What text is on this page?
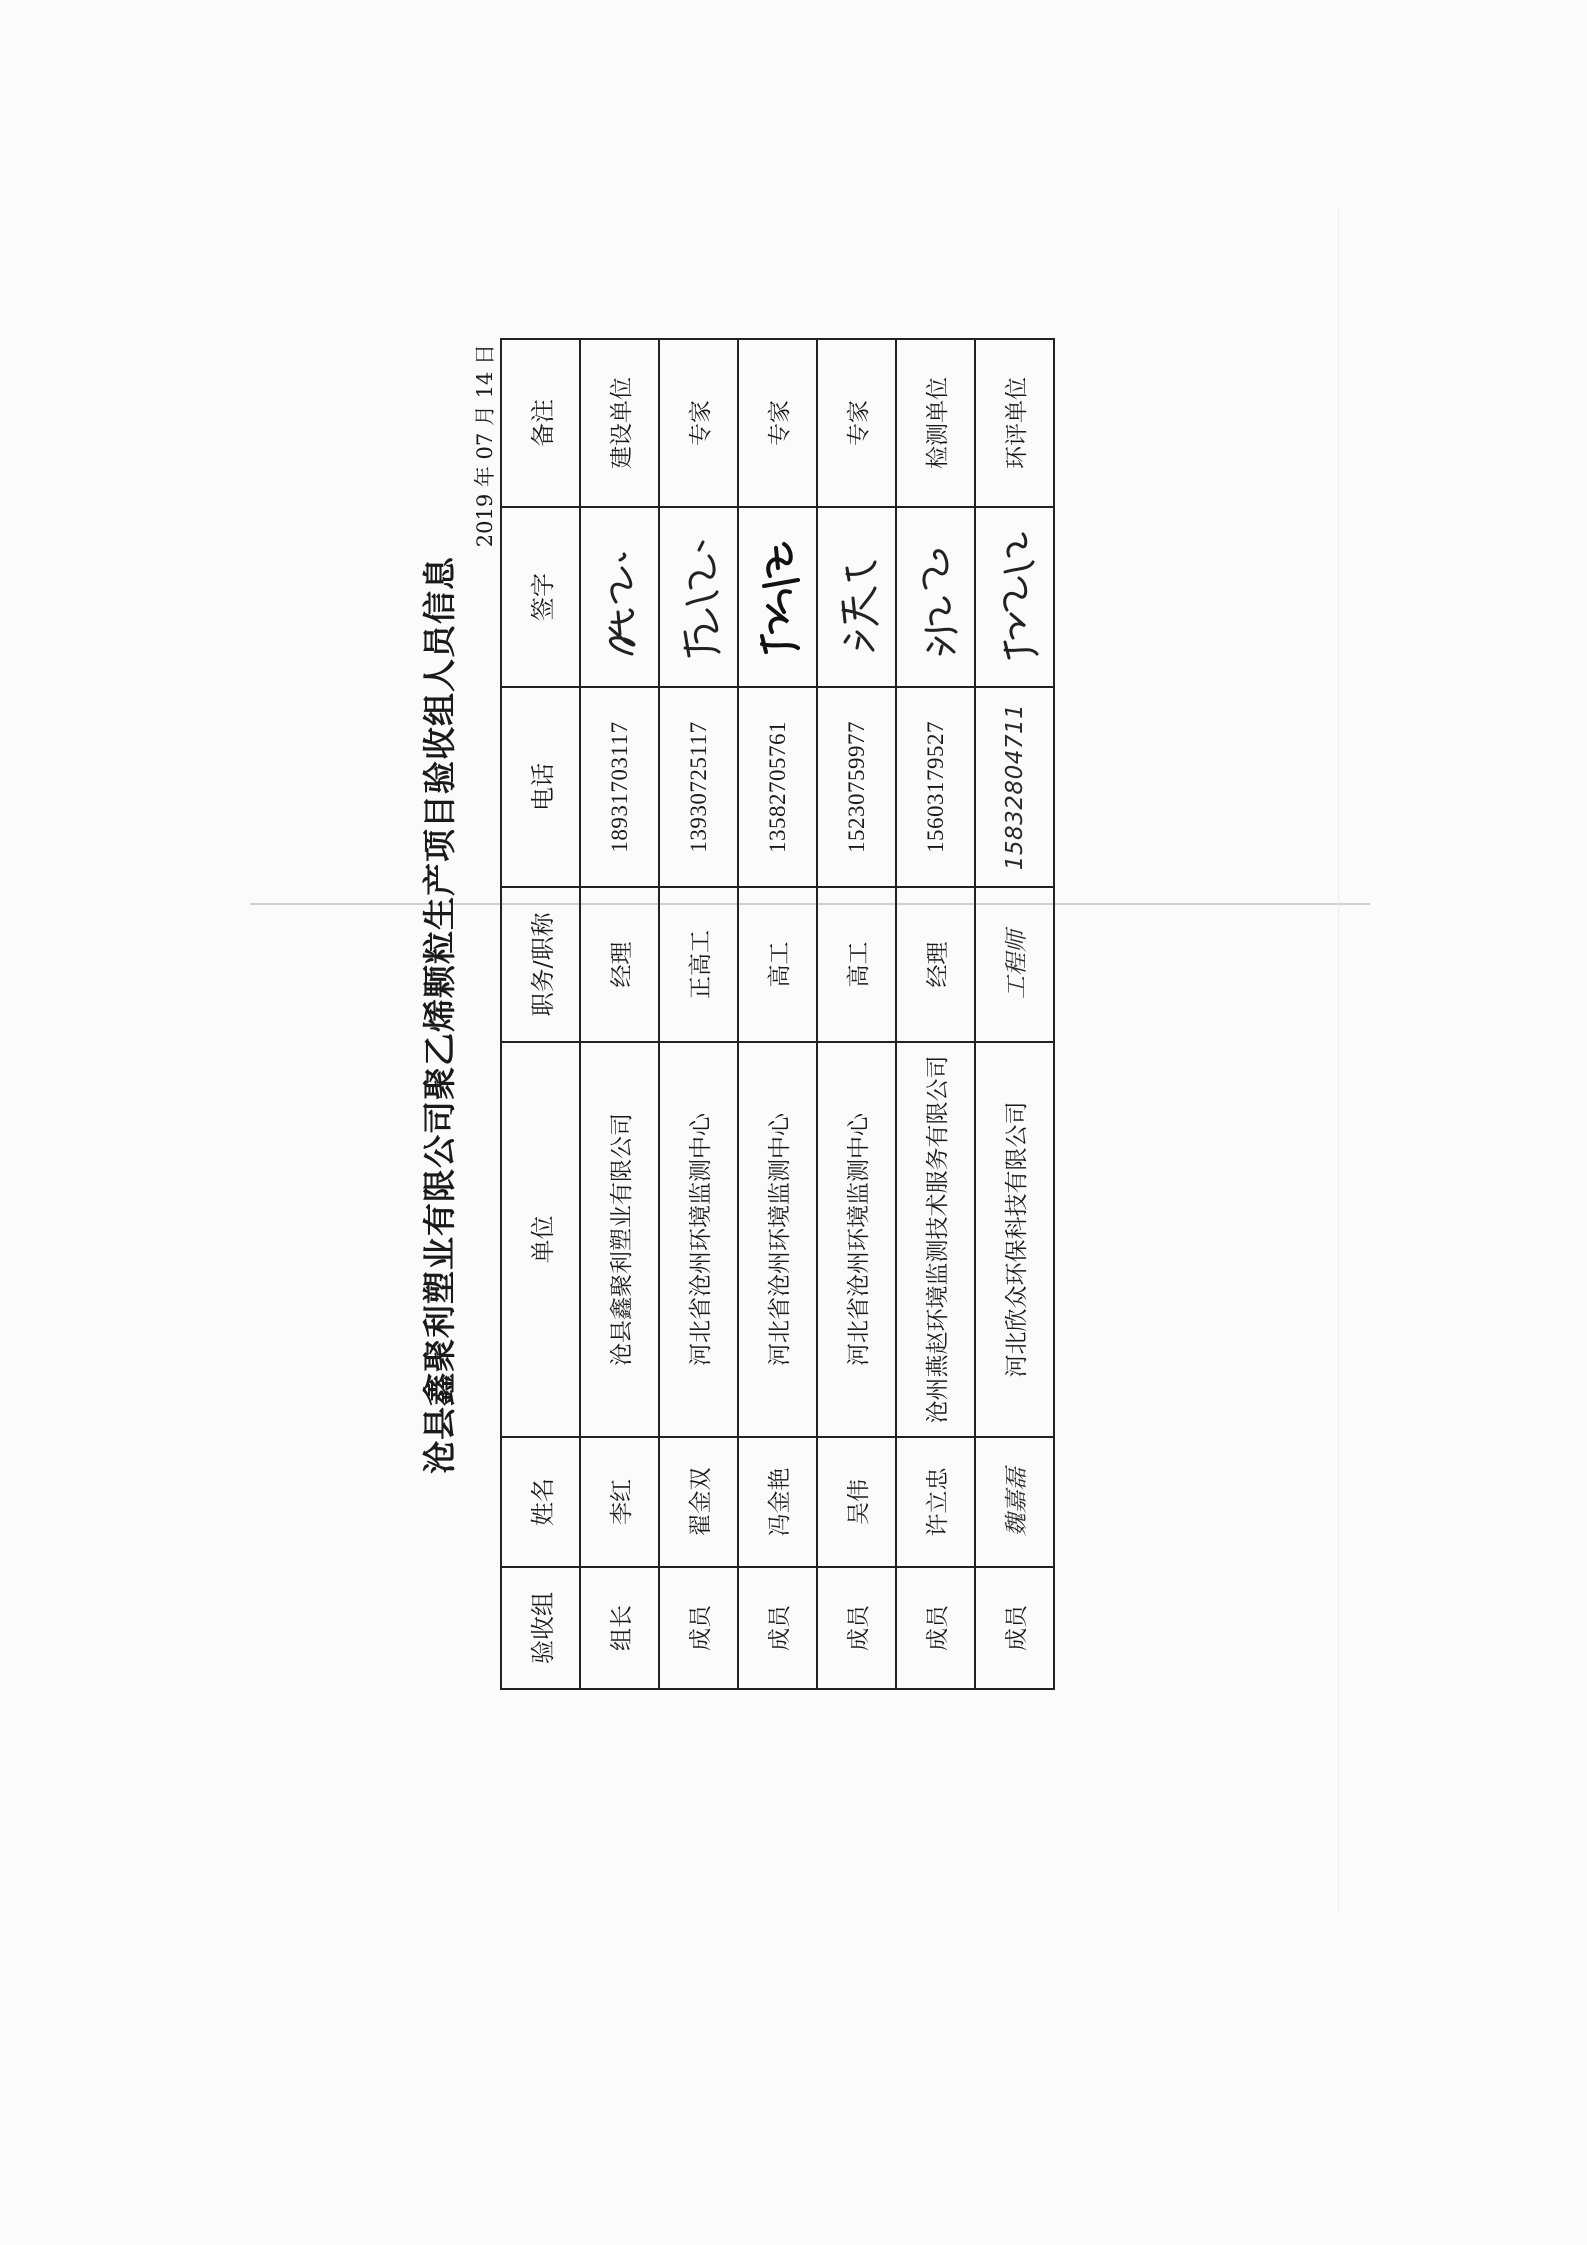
沧县鑫聚利塑业有限公司聚乙烯颗粒生产项目验收组人员信息
2019 年 07 月 14 日
验收组	姓名	单位	职务/职称	电话	签字	备注
组长	李红	沧县鑫聚利塑业有限公司	经理	18931703117		建设单位
成员	翟金双	河北省沧州环境监测中心	正高工	13930725117		专家
成员	冯金艳	河北省沧州环境监测中心	高工	13582705761		专家
成员	吴伟	河北省沧州环境监测中心	高工	15230759977		专家
成员	许立忠	沧州燕赵环境监测技术服务有限公司	经理	15603179527		检测单位
成员	魏嘉磊	河北欣众环保科技有限公司	工程师	15832804711		环评单位
